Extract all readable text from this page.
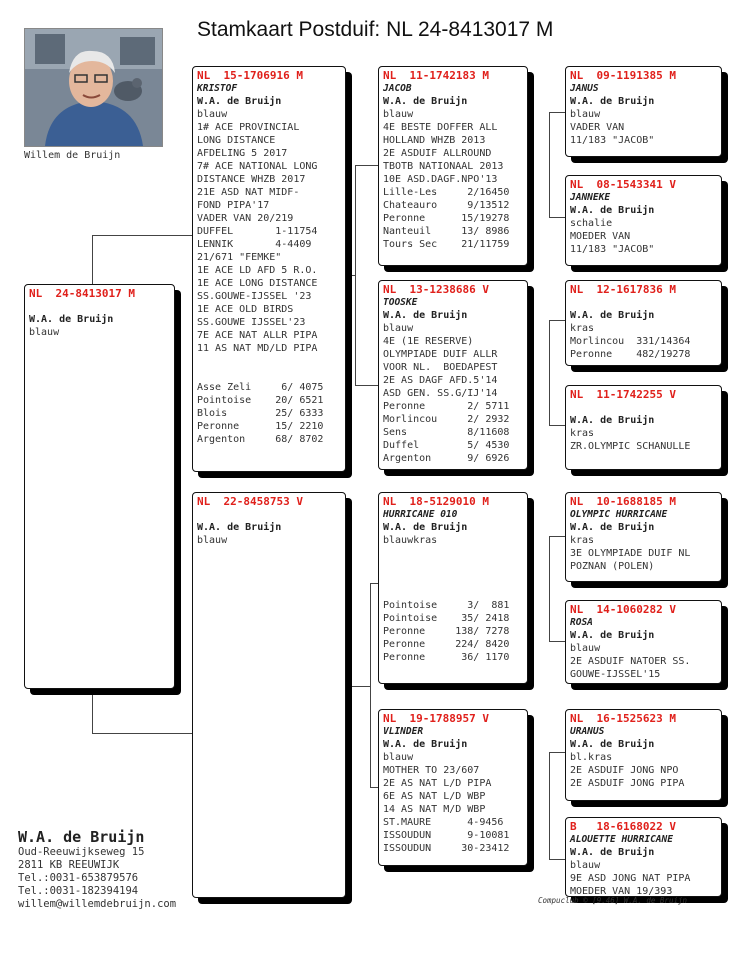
Stamkaart Postduif: NL 24-8413017 M
Willem de Bruijn
NL  24-8413017 M
W.A. de Bruijn
blauw
NL  15-1706916 M
KRISTOF
W.A. de Bruijn
blauw
1# ACE PROVINCIAL
LONG DISTANCE
AFDELING 5 2017
7# ACE NATIONAL LONG
DISTANCE WHZB 2017
21E ASD NAT MIDF-
FOND PIPA'17
VADER VAN 20/219
DUFFEL       1-11754
LENNIK       4-4409
21/671 "FEMKE"
1E ACE LD AFD 5 R.O.
1E ACE LONG DISTANCE
SS.GOUWE-IJSSEL '23
1E ACE OLD BIRDS
SS.GOUWE IJSSEL'23
7E ACE NAT ALLR PIPA
11 AS NAT MD/LD PIPA

Asse Zeli     6/ 4075
Pointoise    20/ 6521
Blois        25/ 6333
Peronne      15/ 2210
Argenton     68/ 8702
NL  22-8458753 V
W.A. de Bruijn
blauw
NL  11-1742183 M
JACOB
W.A. de Bruijn
blauw
4E BESTE DOFFER ALL
HOLLAND WHZB 2013
2E ASDUIF ALLROUND
TBOTB NATIONAAL 2013
10E ASD.DAGF.NPO'13
Lille-Les     2/16450
Chateauro     9/13512
Peronne      15/19278
Nanteuil     13/ 8986
Tours Sec    21/11759
NL  13-1238686 V
TOOSKE
W.A. de Bruijn
blauw
4E (1E RESERVE)
OLYMPIADE DUIF ALLR
VOOR NL.  BOEDAPEST
2E AS DAGF AFD.5'14
ASD GEN. SS.G/IJ'14
Peronne       2/ 5711
Morlincou     2/ 2932
Sens          8/11608
Duffel        5/ 4530
Argenton      9/ 6926
NL  18-5129010 M
HURRICANE 010
W.A. de Bruijn
blauwkras

Pointoise     3/  881
Pointoise    35/ 2418
Peronne     138/ 7278
Peronne     224/ 8420
Peronne      36/ 1170
NL  19-1788957 V
VLINDER
W.A. de Bruijn
blauw
MOTHER TO 23/607
2E AS NAT L/D PIPA
6E AS NAT L/D WBP
14 AS NAT M/D WBP
ST.MAURE      4-9456
ISSOUDUN      9-10081
ISSOUDUN     30-23412
NL  09-1191385 M
JANUS
W.A. de Bruijn
blauw
VADER VAN
11/183 "JACOB"
NL  08-1543341 V
JANNEKE
W.A. de Bruijn
schalie
MOEDER VAN
11/183 "JACOB"
NL  12-1617836 M
W.A. de Bruijn
kras
Morlincou  331/14364
Peronne    482/19278
NL  11-1742255 V
W.A. de Bruijn
kras
ZR.OLYMPIC SCHANULLE
NL  10-1688185 M
OLYMPIC HURRICANE
W.A. de Bruijn
kras
3E OLYMPIADE DUIF NL
POZNAN (POLEN)
NL  14-1060282 V
ROSA
W.A. de Bruijn
blauw
2E ASDUIF NATOER SS.
GOUWE-IJSSEL'15
NL  16-1525623 M
URANUS
W.A. de Bruijn
bl.kras
2E ASDUIF JONG NPO
2E ASDUIF JONG PIPA
B   18-6168022 V
ALOUETTE HURRICANE
W.A. de Bruijn
blauw
9E ASD JONG NAT PIPA
MOEDER VAN 19/393
Compuclub © [9.46] W.A. de Bruijn
W.A. de Bruijn
Oud-Reeuwijkseweg 15
2811 KB REEUWIJK
Tel.:0031-653879576
Tel.:0031-182394194
willem@willemdebruijn.com
